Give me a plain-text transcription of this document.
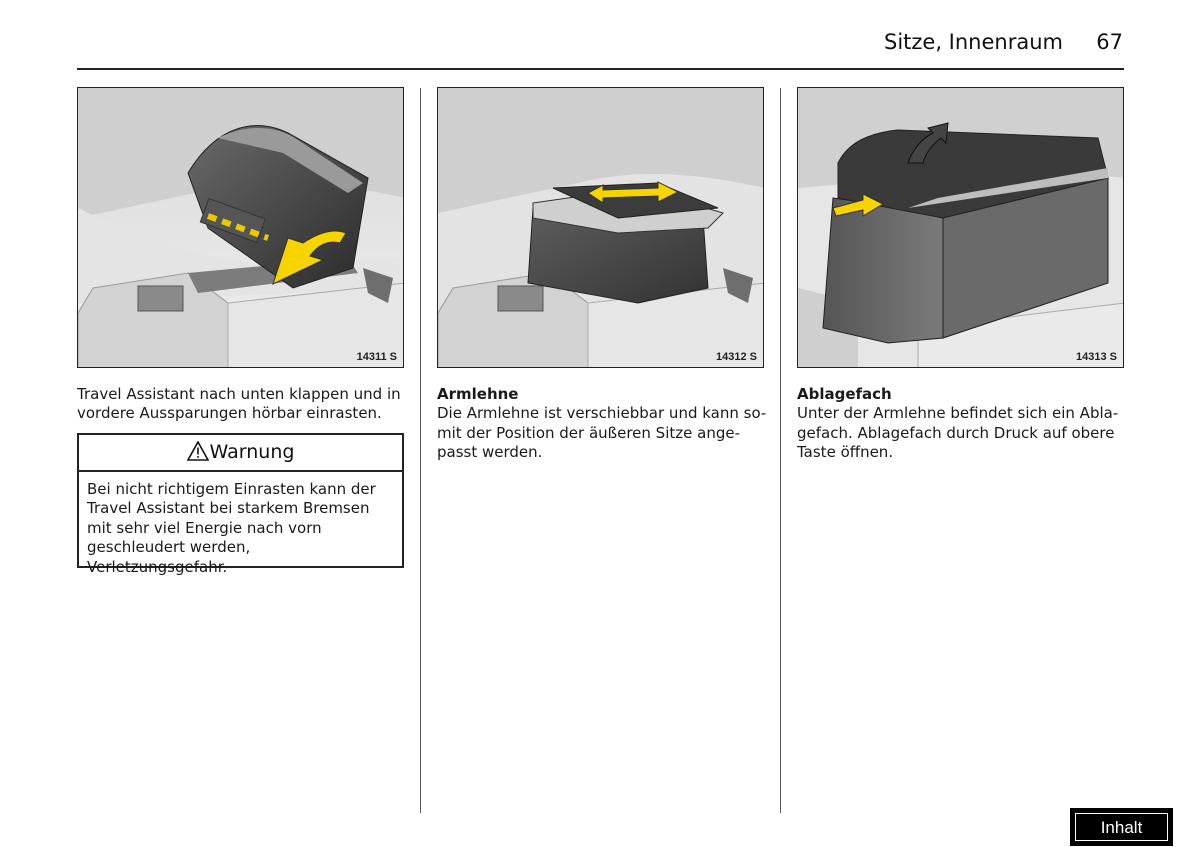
Sitze, Innenraum 67
14311 S	14312 S	14313 S

Travel Assistant nach unten klappen und in vordere Aussparungen hörbar einrasten.

Warnung

Bei nicht richtigem Einrasten kann der Travel Assistant bei starkem Bremsen mit sehr viel Energie nach vorn geschleudert werden, Verletzungsgefahr.

Armlehne
Die Armlehne ist verschiebbar und kann so-mit der Position der äußeren Sitze ange-passt werden.
Ablagefach
Unter der Armlehne befindet sich ein Abla-gefach. Ablagefach durch Druck auf obere Taste öffnen.
Inhalt
